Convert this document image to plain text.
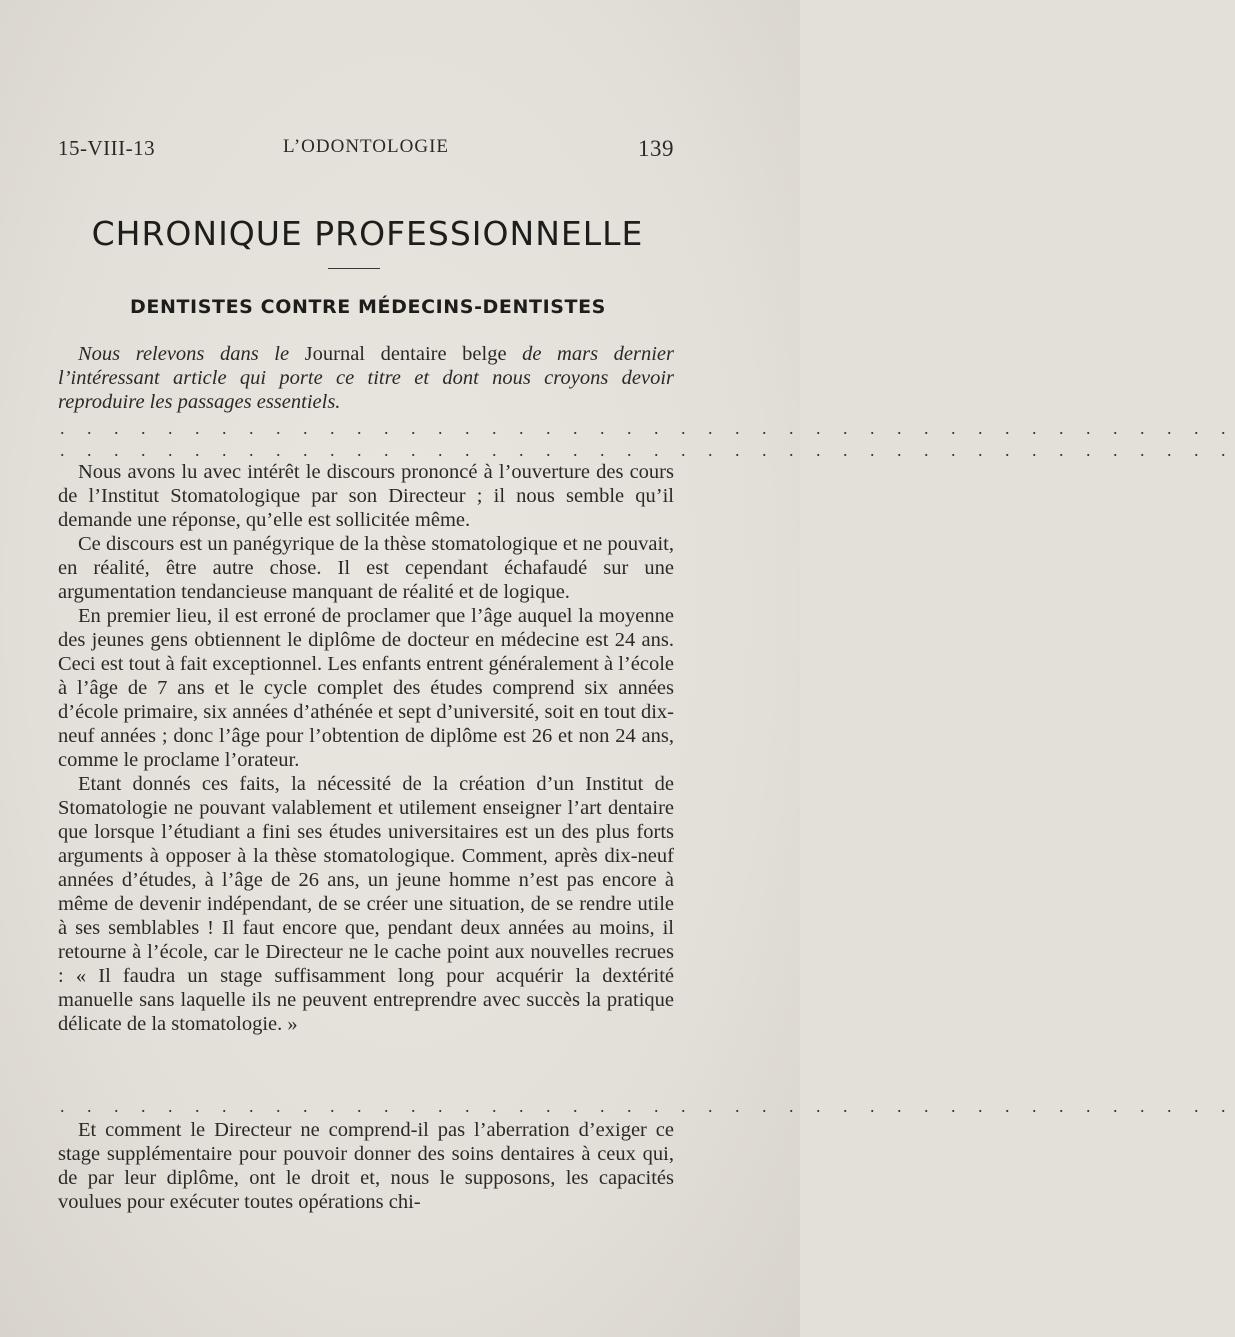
15-VIII-13	L’ODONTOLOGIE	139
CHRONIQUE PROFESSIONNELLE
DENTISTES CONTRE MÉDECINS-DENTISTES

Nous relevons dans le Journal dentaire belge de mars dernier l’intéressant article qui porte ce titre et dont nous croyons devoir reproduire les passages essentiels.

. . . . . . . . . . . . . . . . . . . . . . . . . . . . . . . . . . . . . . . . . . . .
. . . . . . . . . . . . . . . . . . . . . . . . . . . . . . . . . . . . . . . . . . . .

Nous avons lu avec intérêt le discours prononcé à l’ouverture des cours de l’Institut Stomatologique par son Directeur ; il nous semble qu’il demande une réponse, qu’elle est sollicitée même.

Ce discours est un panégyrique de la thèse stomatologique et ne pouvait, en réalité, être autre chose. Il est cependant échafaudé sur une argumentation tendancieuse manquant de réalité et de logique.

En premier lieu, il est erroné de proclamer que l’âge auquel la moyenne des jeunes gens obtiennent le diplôme de docteur en médecine est 24 ans. Ceci est tout à fait exceptionnel. Les enfants entrent généralement à l’école à l’âge de 7 ans et le cycle complet des études comprend six années d’école primaire, six années d’athénée et sept d’université, soit en tout dix-neuf années ; donc l’âge pour l’obtention de diplôme est 26 et non 24 ans, comme le proclame l’orateur.

Etant donnés ces faits, la nécessité de la création d’un Institut de Stomatologie ne pouvant valablement et utilement enseigner l’art dentaire que lorsque l’étudiant a fini ses études universitaires est un des plus forts arguments à opposer à la thèse stomatologique. Comment, après dix-neuf années d’études, à l’âge de 26 ans, un jeune homme n’est pas encore à même de devenir indépendant, de se créer une situation, de se rendre utile à ses semblables ! Il faut encore que, pendant deux années au moins, il retourne à l’école, car le Directeur ne le cache point aux nouvelles recrues : « Il faudra un stage suffisamment long pour acquérir la dextérité manuelle sans laquelle ils ne peuvent entreprendre avec succès la pratique délicate de la stomatologie. »

. . . . . . . . . . . . . . . . . . . . . . . . . . . . . . . . . . . . . . . . . . . .

Et comment le Directeur ne comprend-il pas l’aberration d’exiger ce stage supplémentaire pour pouvoir donner des soins dentaires à ceux qui, de par leur diplôme, ont le droit et, nous le supposons, les capacités voulues pour exécuter toutes opérations chi-
